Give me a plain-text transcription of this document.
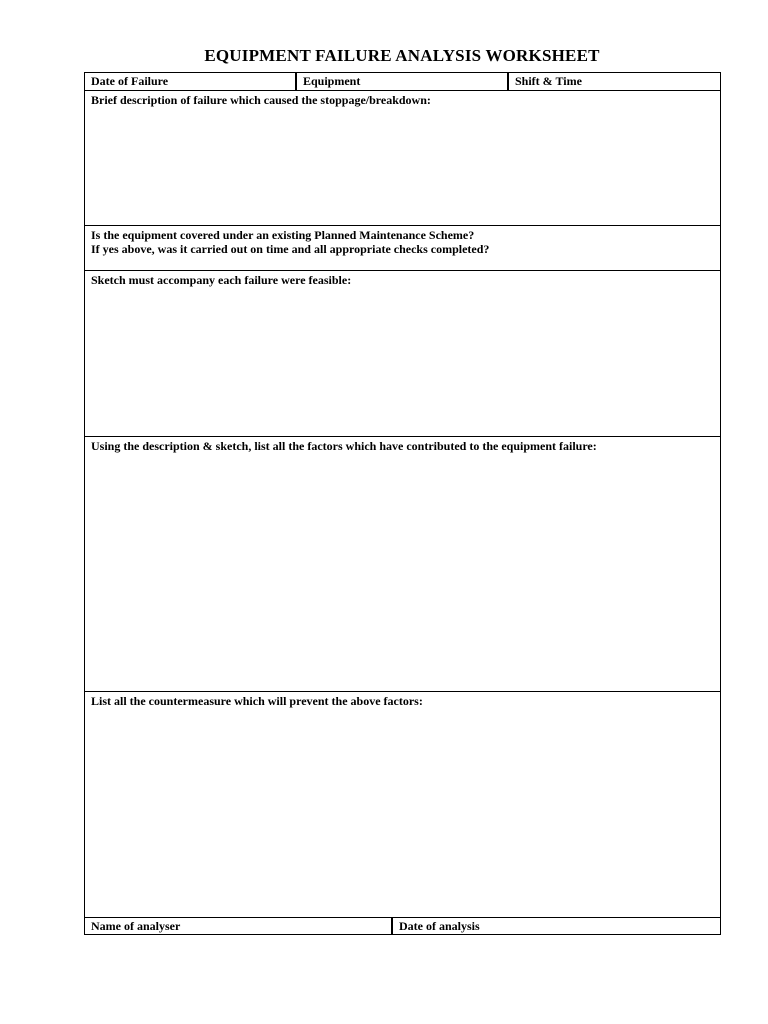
EQUIPMENT FAILURE ANALYSIS WORKSHEET
Date of Failure	Equipment	Shift & Time
Brief description of failure which caused the stoppage/breakdown:
Is the equipment covered under an existing Planned Maintenance Scheme?
If yes above, was it carried out on time and all appropriate checks completed?
Sketch must accompany each failure were feasible:
Using the description & sketch, list all the factors which have contributed to the equipment failure:
List all the countermeasure which will prevent the above factors:
Name of analyser	Date of analysis
